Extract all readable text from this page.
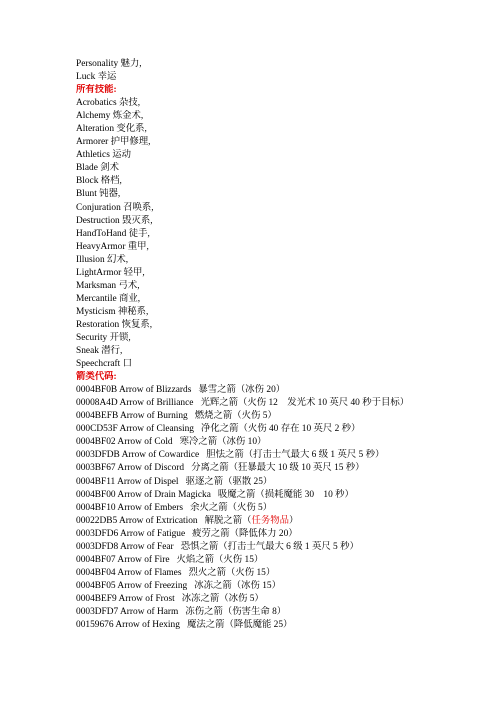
Personality 魅力,
Luck 幸运
所有技能:
Acrobatics 杂技,
Alchemy 炼金术,
Alteration 变化系,
Armorer 护甲修理,
Athletics 运动
Blade 剑术
Block 格档,
Blunt 钝器,
Conjuration 召唤系,
Destruction 毁灭系,
HandToHand 徒手,
HeavyArmor 重甲,
Illusion 幻术,
LightArmor 轻甲,
Marksman 弓术,
Mercantile 商业,
Mysticism 神秘系,
Restoration 恢复系,
Security 开锁,
Sneak 潜行,
Speechcraft 口
箭类代码:
0004BF0B Arrow of Blizzards 暴雪之箭（冰伤 20）
00008A4D Arrow of Brilliance 光辉之箭（火伤 12　发光术 10 英尺 40 秒于目标）
0004BEFB Arrow of Burning 燃烧之箭（火伤 5）
000CD53F Arrow of Cleansing 净化之箭（火伤 40 存在 10 英尺 2 秒）
0004BF02 Arrow of Cold 寒冷之箭（冰伤 10）
0003DFDB Arrow of Cowardice 胆怯之箭（打击士气最大 6 级 1 英尺 5 秒）
0003BF67 Arrow of Discord 分离之箭（狂暴最大 10 级 10 英尺 15 秒）
0004BF11 Arrow of Dispel 驱逐之箭（驱散 25）
0004BF00 Arrow of Drain Magicka 吸魔之箭（损耗魔能 30　10 秒）
0004BF10 Arrow of Embers 余火之箭（火伤 5）
00022DB5 Arrow of Extrication 解脱之箭（任务物品）
0003DFD6 Arrow of Fatigue 疲劳之箭（降低体力 20）
0003DFD8 Arrow of Fear 恐惧之箭（打击士气最大 6 级 1 英尺 5 秒）
0004BF07 Arrow of Fire 火焰之箭（火伤 15）
0004BF04 Arrow of Flames 烈火之箭（火伤 15）
0004BF05 Arrow of Freezing 冰冻之箭（冰伤 15）
0004BEF9 Arrow of Frost 冰冻之箭（冰伤 5）
0003DFD7 Arrow of Harm 冻伤之箭（伤害生命 8）
00159676 Arrow of Hexing 魔法之箭（降低魔能 25）
